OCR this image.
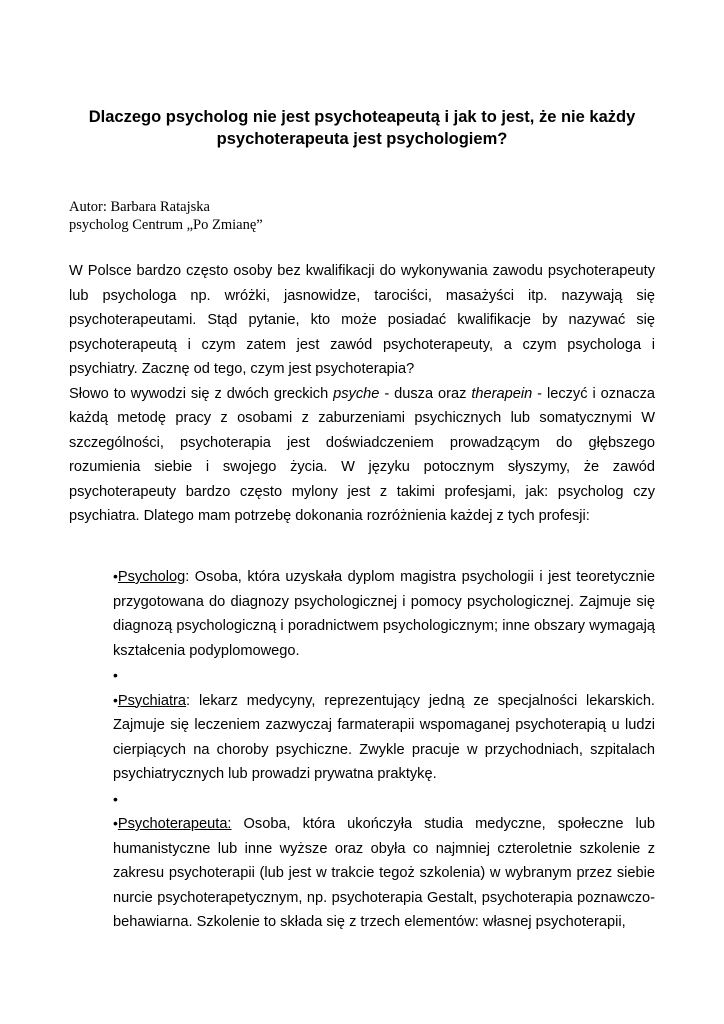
Dlaczego psycholog nie jest psychoteapeutą i jak to jest, że nie każdy
psychoterapeuta jest psychologiem?
Autor: Barbara Ratajska
psycholog Centrum „Po Zmianę”
W Polsce bardzo często osoby bez kwalifikacji do wykonywania zawodu psychoterapeuty lub psychologa np. wróżki, jasnowidze, tarociści, masażyści itp. nazywają się psychoterapeutami. Stąd pytanie, kto może posiadać kwalifikacje by nazywać się psychoterapeutą i czym zatem jest zawód psychoterapeuty, a czym psychologa i psychiatry. Zacznę od tego, czym jest psychoterapia?
Słowo to wywodzi się z dwóch greckich psyche - dusza oraz therapein - leczyć i oznacza każdą metodę pracy z osobami z zaburzeniami psychicznych lub somatycznymi W szczególności, psychoterapia jest doświadczeniem prowadzącym do głębszego rozumienia siebie i swojego życia. W języku potocznym słyszymy, że zawód psychoterapeuty bardzo często mylony jest z takimi profesjami, jak: psycholog czy psychiatra. Dlatego mam potrzebę dokonania rozróżnienia każdej z tych profesji:
•Psycholog: Osoba, która uzyskała dyplom magistra psychologii i jest teoretycznie przygotowana do diagnozy psychologicznej i pomocy psychologicznej. Zajmuje się diagnozą psychologiczną i poradnictwem psychologicznym; inne obszary wymagają kształcenia podyplomowego.
•
•Psychiatra: lekarz medycyny, reprezentujący jedną ze specjalności lekarskich. Zajmuje się leczeniem zazwyczaj farmaterapii wspomaganej psychoterapią u ludzi cierpiących na choroby psychiczne. Zwykle pracuje w przychodniach, szpitalach psychiatrycznych lub prowadzi prywatna praktykę.
•
•Psychoterapeuta: Osoba, która ukończyła studia medyczne, społeczne lub humanistyczne lub inne wyższe oraz obyła co najmniej czteroletnie szkolenie z zakresu psychoterapii (lub jest w trakcie tegoż szkolenia) w wybranym przez siebie nurcie psychoterapetycznym, np. psychoterapia Gestalt, psychoterapia poznawczo-behawiarna. Szkolenie to składa się z trzech elementów: własnej psychoterapii,
